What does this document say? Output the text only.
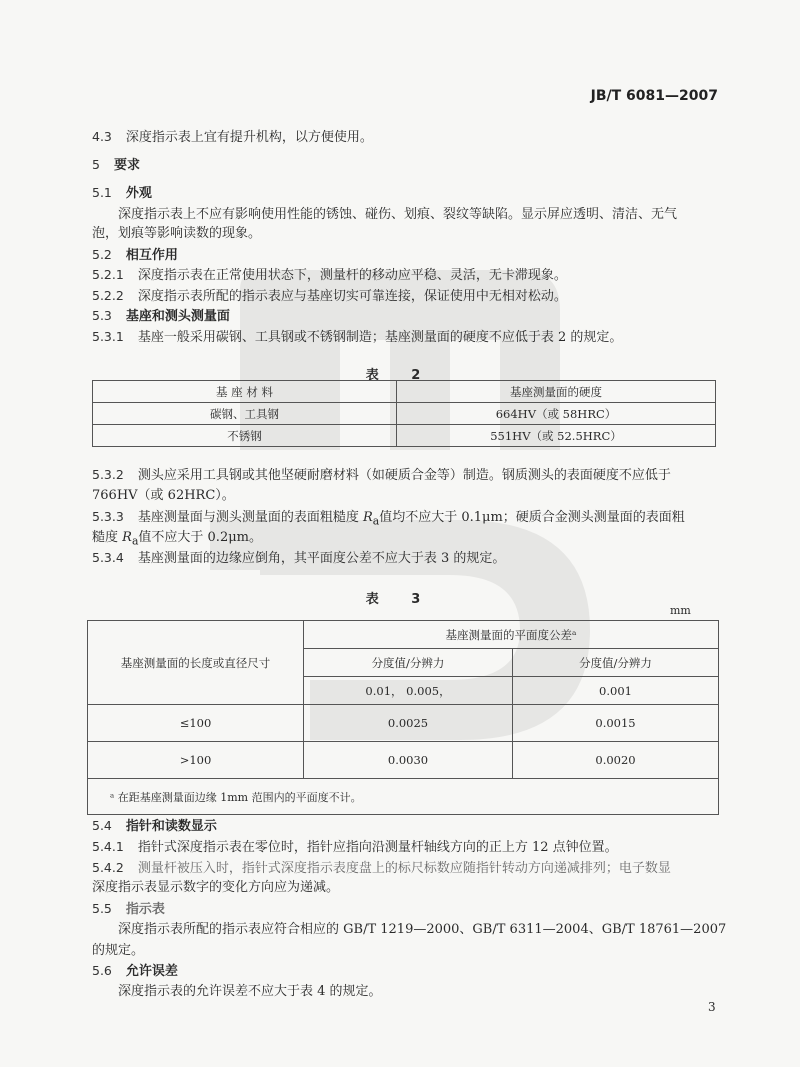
JB/T 6081—2007
4.3 深度指示表上宜有提升机构，以方便使用。
5 要求
5.1 外观
深度指示表上不应有影响使用性能的锈蚀、碰伤、划痕、裂纹等缺陷。显示屏应透明、清洁、无气
泡，划痕等影响读数的现象。
5.2 相互作用
5.2.1 深度指示表在正常使用状态下，测量杆的移动应平稳、灵活，无卡滞现象。
5.2.2 深度指示表所配的指示表应与基座切实可靠连接，保证使用中无相对松动。
5.3 基座和测头测量面
5.3.1 基座一般采用碳钢、工具钢或不锈钢制造；基座测量面的硬度不应低于表 2 的规定。
表 2
基 座 材 料	基座测量面的硬度
碳钢、工具钢	664HV（或 58HRC）
不锈钢	551HV（或 52.5HRC）
5.3.2 测头应采用工具钢或其他坚硬耐磨材料（如硬质合金等）制造。钢质测头的表面硬度不应低于
766HV（或 62HRC）。
5.3.3 基座测量面与测头测量面的表面粗糙度 $R_a$值均不应大于 0.1μm；硬质合金测头测量面的表面粗
糙度 $R_a$值不应大于 0.2μm。
5.3.4 基座测量面的边缘应倒角，其平面度公差不应大于表 3 的规定。
表 3
mm
基座测量面的长度或直径尺寸	基座测量面的平面度公差ᵃ	
	分度值/分辨力	分度值/分辨力
	0.01， 0.005，	0.001
≤100	0.0025	0.0015
>100	0.0030	0.0020
ᵃ 在距基座测量面边缘 1mm 范围内的平面度不计。		
5.4 指针和读数显示
5.4.1 指针式深度指示表在零位时，指针应指向沿测量杆轴线方向的正上方 12 点钟位置。
5.4.2 测量杆被压入时，指针式深度指示表度盘上的标尺标数应随指针转动方向递减排列；电子数显
深度指示表显示数字的变化方向应为递减。
5.5 指示表
深度指示表所配的指示表应符合相应的 GB/T 1219—2000、GB/T 6311—2004、GB/T 18761—2007
的规定。
5.6 允许误差
深度指示表的允许误差不应大于表 4 的规定。
3
